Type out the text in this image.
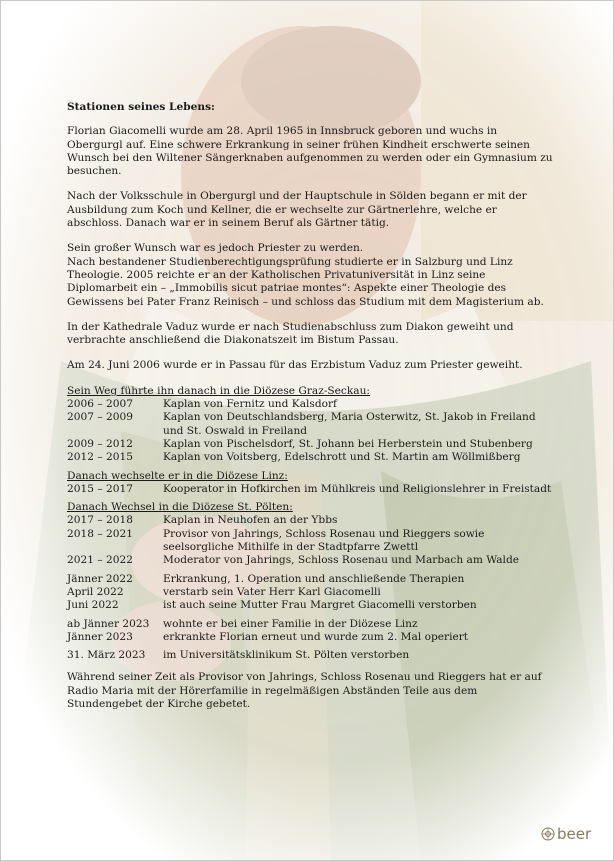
Stationen seines Lebens:
Florian Giacomelli wurde am 28. April 1965 in Innsbruck geboren und wuchs in Obergurgl auf. Eine schwere Erkrankung in seiner frühen Kindheit erschwerte seinen Wunsch bei den Wiltener Sängerknaben aufgenommen zu werden oder ein Gymnasium zu besuchen.
Nach der Volksschule in Obergurgl und der Hauptschule in Sölden begann er mit der Ausbildung zum Koch und Kellner, die er wechselte zur Gärtnerlehre, welche er abschloss. Danach war er in seinem Beruf als Gärtner tätig.
Sein großer Wunsch war es jedoch Priester zu werden.
Nach bestandener Studienberechtigungsprüfung studierte er in Salzburg und Linz Theologie. 2005 reichte er an der Katholischen Privatuniversität in Linz seine Diplomarbeit ein – „Immobilis sicut patriae montes“: Aspekte einer Theologie des Gewissens bei Pater Franz Reinisch – und schloss das Studium mit dem Magisterium ab.
In der Kathedrale Vaduz wurde er nach Studienabschluss zum Diakon geweiht und verbrachte anschließend die Diakonatszeit im Bistum Passau.
Am 24. Juni 2006 wurde er in Passau für das Erzbistum Vaduz zum Priester geweiht.
Sein Weg führte ihn danach in die Diözese Graz-Seckau:
2006 – 2007	Kaplan von Fernitz und Kalsdorf
2007 – 2009	Kaplan von Deutschlandsberg, Maria Osterwitz, St. Jakob in Freiland und St. Oswald in Freiland
2009 – 2012	Kaplan von Pischelsdorf, St. Johann bei Herberstein und Stubenberg
2012 – 2015	Kaplan von Voitsberg, Edelschrott und St. Martin am Wöllmißberg
Danach wechselte er in die Diözese Linz:
2015 – 2017	Kooperator in Hofkirchen im Mühlkreis und Religionslehrer in Freistadt
Danach Wechsel in die Diözese St. Pölten:
2017 – 2018	Kaplan in Neuhofen an der Ybbs
2018 – 2021	Provisor von Jahrings, Schloss Rosenau und Rieggers sowie seelsorgliche Mithilfe in der Stadtpfarre Zwettl
2021 – 2022	Moderator von Jahrings, Schloss Rosenau und Marbach am Walde
Jänner 2022	Erkrankung, 1. Operation und anschließende Therapien
April 2022	verstarb sein Vater Herr Karl Giacomelli
Juni 2022	ist auch seine Mutter Frau Margret Giacomelli verstorben
ab Jänner 2023	wohnte er bei einer Familie in der Diözese Linz
Jänner 2023	erkrankte Florian erneut und wurde zum 2. Mal operiert
31. März 2023	im Universitätsklinikum St. Pölten verstorben
Während seiner Zeit als Provisor von Jahrings, Schloss Rosenau und Rieggers hat er auf Radio Maria mit der Hörerfamilie in regelmäßigen Abständen Teile aus dem Stundengebet der Kirche gebetet.
beer
